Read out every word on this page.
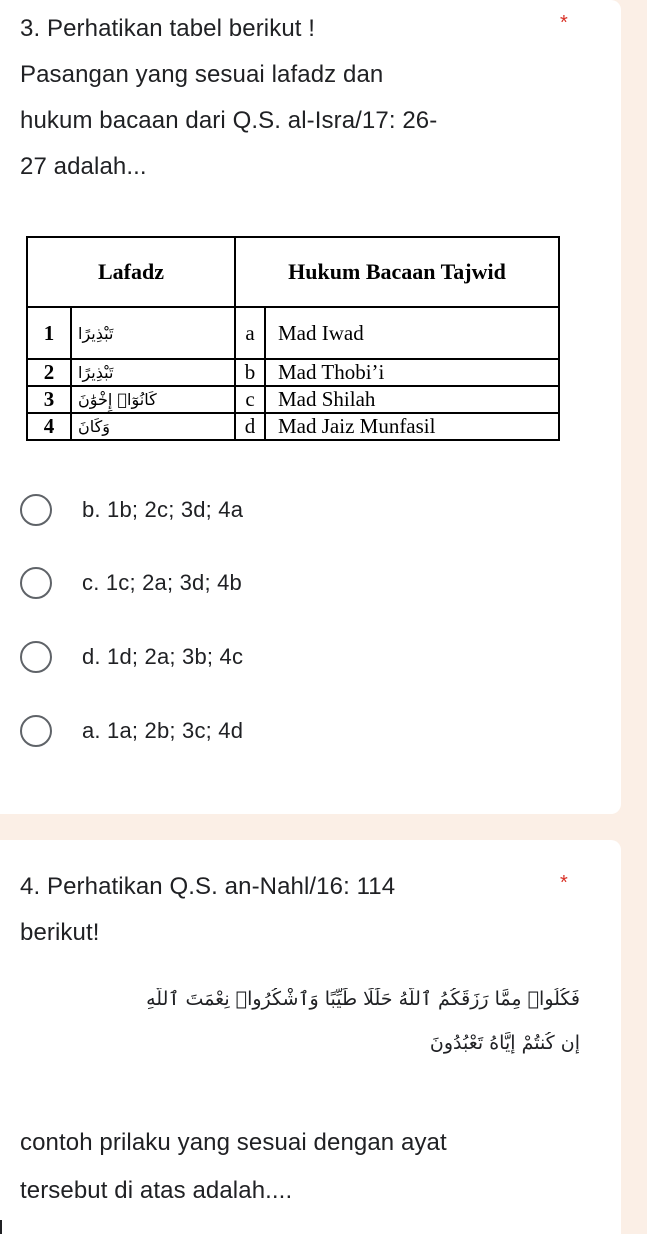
3. Perhatikan tabel berikut !	*
Pasangan yang sesuai lafadz dan
hukum bacaan dari Q.S. al-Isra/17: 26-
27 adalah...
Lafadz		Hukum Bacaan Tajwid	
1	تَبْذِيرًا	a	Mad Iwad
2	تَبْذِيرًا	b	Mad Thobi’i
3	كَانُوٓا۟ إِخْوَٰنَ	c	Mad Shilah
4	وَكَانَ	d	Mad Jaiz Munfasil
b. 1b; 2c; 3d; 4a
c. 1c; 2a; 3d; 4b
d. 1d; 2a; 3b; 4c
a. 1a; 2b; 3c; 4d
4. Perhatikan Q.S. an-Nahl/16: 114	*
berikut!
فَكُلُوا۟ مِمَّا رَزَقَكُمُ ٱللَّهُ حَلَٰلًا طَيِّبًا وَٱشْكُرُوا۟ نِعْمَتَ ٱللَّهِ
إِن كُنتُمْ إِيَّاهُ تَعْبُدُونَ
contoh prilaku yang sesuai dengan ayat
tersebut di atas adalah....
